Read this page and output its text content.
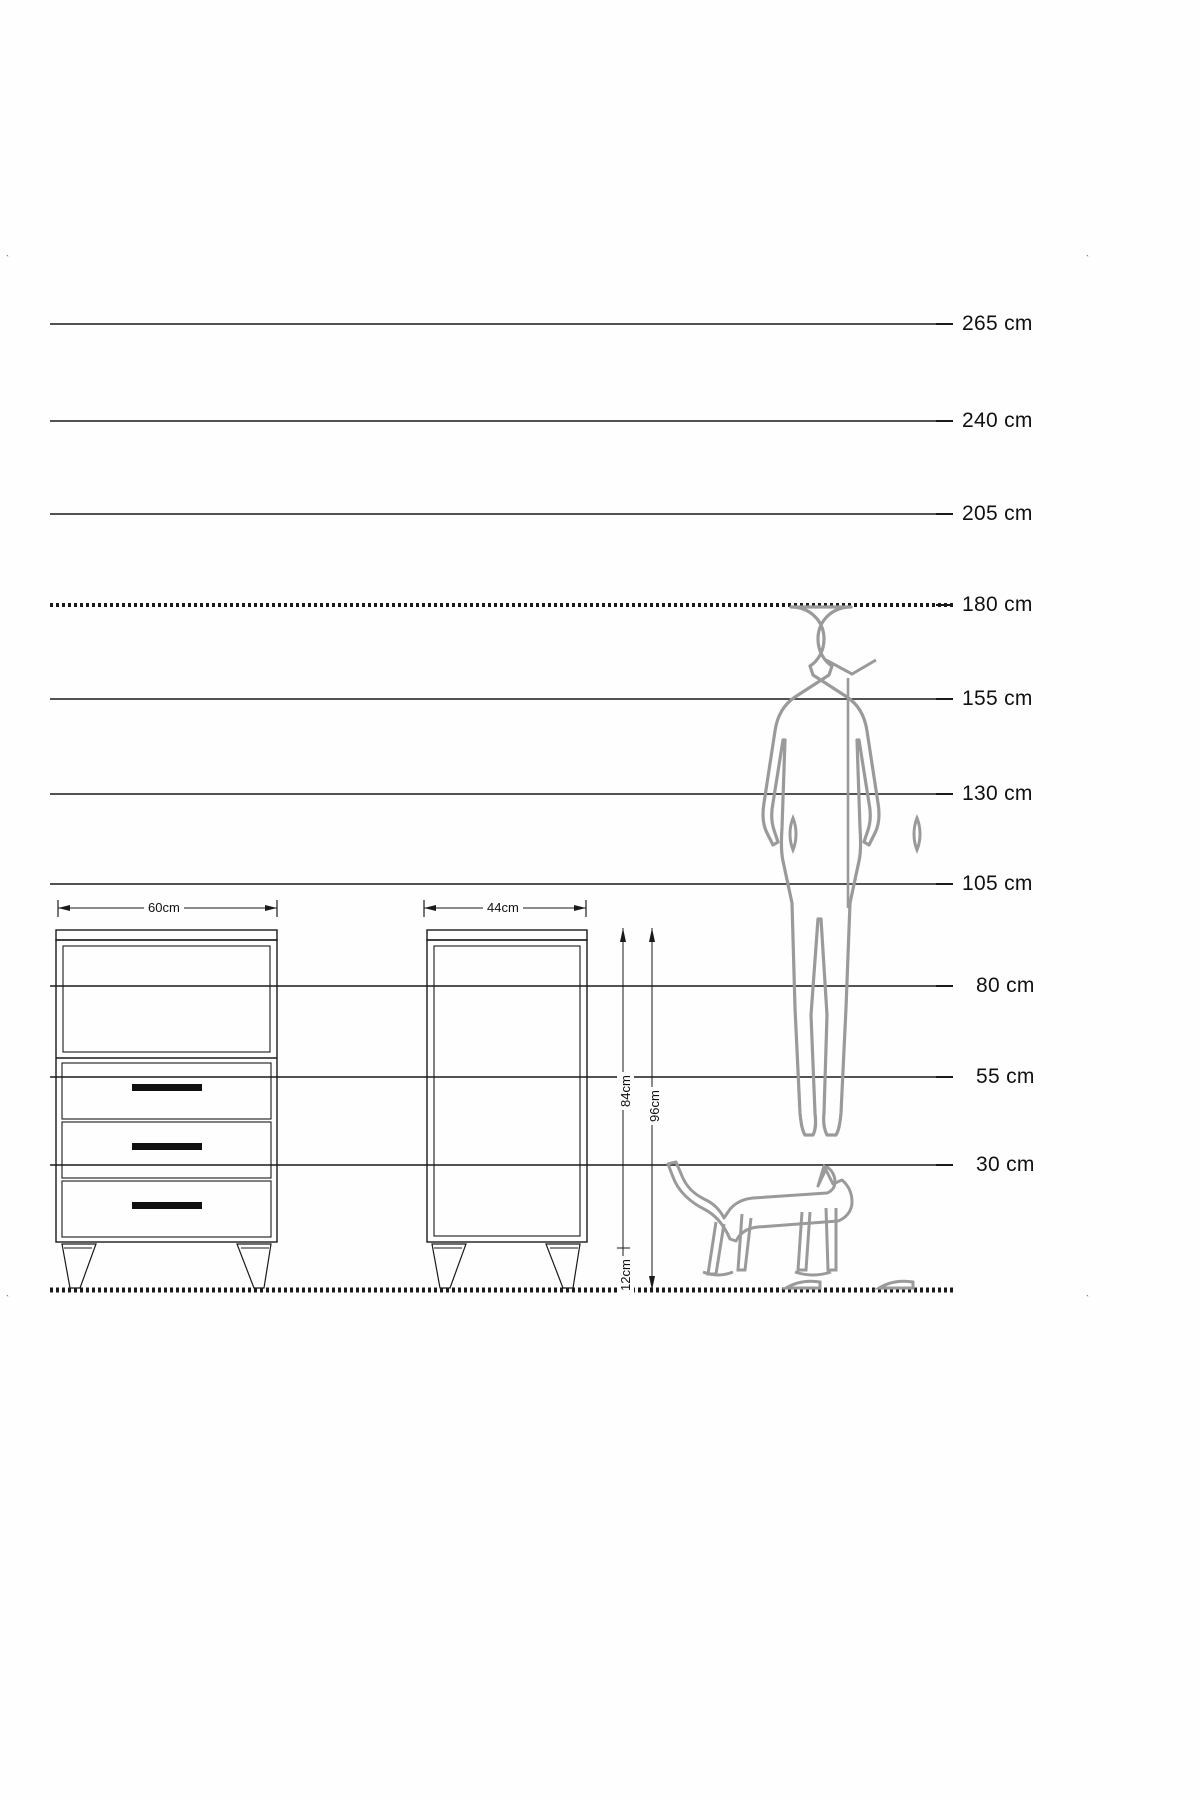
`	`
`	`
265 cm
240 cm
205 cm
180 cm
155 cm
130 cm
105 cm
80 cm
55 cm
30 cm
60cm	44cm
84cm 96cm
12cm
